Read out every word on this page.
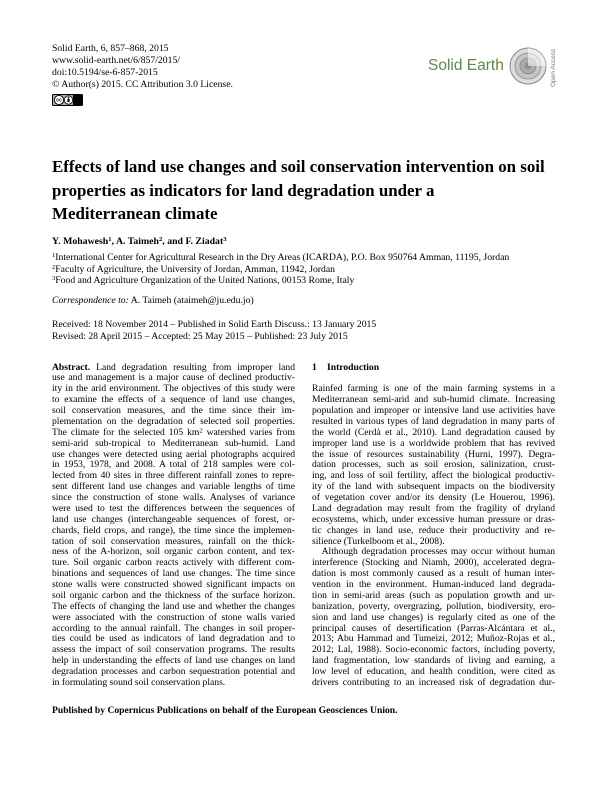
Solid Earth, 6, 857–868, 2015
www.solid-earth.net/6/857/2015/
doi:10.5194/se-6-857-2015
© Author(s) 2015. CC Attribution 3.0 License.
cc
Solid Earth	Open Access
Effects of land use changes and soil conservation intervention on soil
properties as indicators for land degradation under a
Mediterranean climate
Y. Mohawesh$^1$, A. Taimeh$^2$, and F. Ziadat$^3$
$^1$International Center for Agricultural Research in the Dry Areas (ICARDA), P.O. Box 950764 Amman, 11195, Jordan
$^2$Faculty of Agriculture, the University of Jordan, Amman, 11942, Jordan
$^3$Food and Agriculture Organization of the United Nations, 00153 Rome, Italy
Correspondence to: A. Taimeh (ataimeh@ju.edu.jo)
Received: 18 November 2014 – Published in Solid Earth Discuss.: 13 January 2015
Revised: 28 April 2015 – Accepted: 25 May 2015 – Published: 23 July 2015
Abstract. Land degradation resulting from improper land
use and management is a major cause of declined productiv-
ity in the arid environment. The objectives of this study were
to examine the effects of a sequence of land use changes,
soil conservation measures, and the time since their im-
plementation on the degradation of selected soil properties.
The climate for the selected 105 $km^2$ watershed varies from
semi-arid sub-tropical to Mediterranean sub-humid. Land
use changes were detected using aerial photographs acquired
in 1953, 1978, and 2008. A total of 218 samples were col-
lected from 40 sites in three different rainfall zones to repre-
sent different land use changes and variable lengths of time
since the construction of stone walls. Analyses of variance
were used to test the differences between the sequences of
land use changes (interchangeable sequences of forest, or-
chards, field crops, and range), the time since the implemen-
tation of soil conservation measures, rainfall on the thick-
ness of the A-horizon, soil organic carbon content, and tex-
ture. Soil organic carbon reacts actively with different com-
binations and sequences of land use changes. The time since
stone walls were constructed showed significant impacts on
soil organic carbon and the thickness of the surface horizon.
The effects of changing the land use and whether the changes
were associated with the construction of stone walls varied
according to the annual rainfall. The changes in soil proper-
ties could be used as indicators of land degradation and to
assess the impact of soil conservation programs. The results
help in understanding the effects of land use changes on land
degradation processes and carbon sequestration potential and
in formulating sound soil conservation plans.
1 Introduction
Rainfed farming is one of the main farming systems in a
Mediterranean semi-arid and sub-humid climate. Increasing
population and improper or intensive land use activities have
resulted in various types of land degradation in many parts of
the world (Cerdà et al., 2010). Land degradation caused by
improper land use is a worldwide problem that has revived
the issue of resources sustainability (Hurni, 1997). Degra-
dation processes, such as soil erosion, salinization, crust-
ing, and loss of soil fertility, affect the biological productiv-
ity of the land with subsequent impacts on the biodiversity
of vegetation cover and/or its density (Le Houerou, 1996).
Land degradation may result from the fragility of dryland
ecosystems, which, under excessive human pressure or dras-
tic changes in land use, reduce their productivity and re-
silience (Turkelboom et al., 2008).
Although degradation processes may occur without human
interference (Stocking and Niamh, 2000), accelerated degra-
dation is most commonly caused as a result of human inter-
vention in the environment. Human-induced land degrada-
tion in semi-arid areas (such as population growth and ur-
banization, poverty, overgrazing, pollution, biodiversity, ero-
sion and land use changes) is regularly cited as one of the
principal causes of desertification (Parras-Alcántara et al.,
2013; Abu Hammad and Tumeizi, 2012; Muñoz-Rojas et al.,
2012; Lal, 1988). Socio-economic factors, including poverty,
land fragmentation, low standards of living and earning, a
low level of education, and health condition, were cited as
drivers contributing to an increased risk of degradation dur-
Published by Copernicus Publications on behalf of the European Geosciences Union.
